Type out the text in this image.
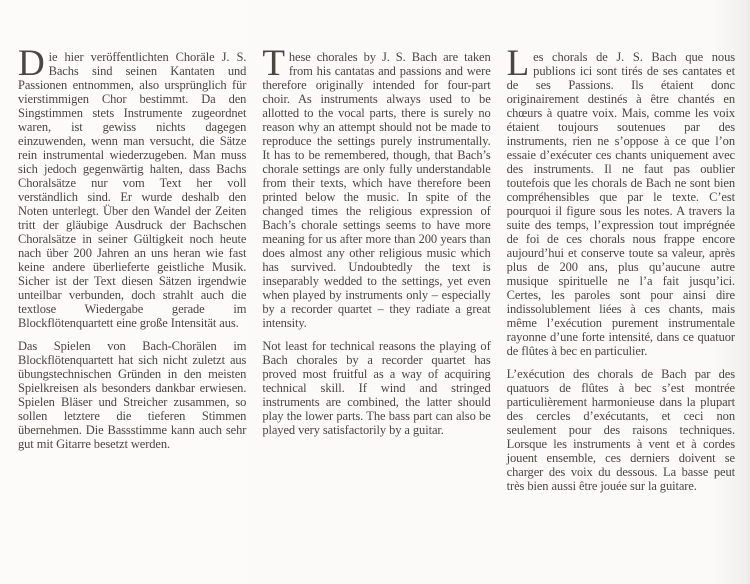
Die hier veröffentlichten Choräle J. S. Bachs sind seinen Kantaten und Passionen entnommen, also ursprünglich für vierstimmigen Chor bestimmt. Da den Singstimmen stets Instrumente zugeordnet waren, ist gewiss nichts dagegen einzuwenden, wenn man versucht, die Sätze rein instrumental wiederzugeben. Man muss sich jedoch gegenwärtig halten, dass Bachs Choralsätze nur vom Text her voll verständlich sind. Er wurde deshalb den Noten unterlegt. Über den Wandel der Zeiten tritt der gläubige Ausdruck der Bachschen Choralsätze in seiner Gültigkeit noch heute nach über 200 Jahren an uns heran wie fast keine andere überlieferte geistliche Musik. Sicher ist der Text diesen Sätzen irgendwie unteilbar verbunden, doch strahlt auch die textlose Wiedergabe gerade im Blockflötenquartett eine große Intensität aus.

Das Spielen von Bach-Chorälen im Blockflötenquartett hat sich nicht zuletzt aus übungstechnischen Gründen in den meisten Spielkreisen als besonders dankbar erwiesen. Spielen Bläser und Streicher zusammen, so sollen letztere die tieferen Stimmen übernehmen. Die Bassstimme kann auch sehr gut mit Gitarre besetzt werden.

These chorales by J. S. Bach are taken from his cantatas and passions and were therefore originally intended for four-part choir. As instruments always used to be allotted to the vocal parts, there is surely no reason why an attempt should not be made to reproduce the settings purely instrumentally. It has to be remembered, though, that Bach’s chorale settings are only fully understandable from their texts, which have therefore been printed below the music. In spite of the changed times the religious expression of Bach’s chorale settings seems to have more meaning for us after more than 200 years than does almost any other religious music which has survived. Undoubtedly the text is inseparably wedded to the settings, yet even when played by instruments only – especially by a recorder quartet – they radiate a great intensity.

Not least for technical reasons the playing of Bach chorales by a recorder quartet has proved most fruitful as a way of acquiring technical skill. If wind and stringed instruments are combined, the latter should play the lower parts. The bass part can also be played very satisfactorily by a guitar.

Les chorals de J. S. Bach que nous publions ici sont tirés de ses cantates et de ses Passions. Ils étaient donc originairement destinés à être chantés en chœurs à quatre voix. Mais, comme les voix étaient toujours soutenues par des instruments, rien ne s’oppose à ce que l’on essaie d’exécuter ces chants uniquement avec des instruments. Il ne faut pas oublier toutefois que les chorals de Bach ne sont bien compréhensibles que par le texte. C’est pourquoi il figure sous les notes. A travers la suite des temps, l’expression tout imprégnée de foi de ces chorals nous frappe encore aujourd’hui et conserve toute sa valeur, après plus de 200 ans, plus qu’aucune autre musique spirituelle ne l’a fait jusqu’ici. Certes, les paroles sont pour ainsi dire indissolublement liées à ces chants, mais même l’exécution purement instrumentale rayonne d’une forte intensité, dans ce quatuor de flûtes à bec en particulier.

L’exécution des chorals de Bach par des quatuors de flûtes à bec s’est montrée particulièrement harmonieuse dans la plupart des cercles d’exécutants, et ceci non seulement pour des raisons techniques. Lorsque les instruments à vent et à cordes jouent ensemble, ces derniers doivent se charger des voix du dessous. La basse peut très bien aussi être jouée sur la guitare.
